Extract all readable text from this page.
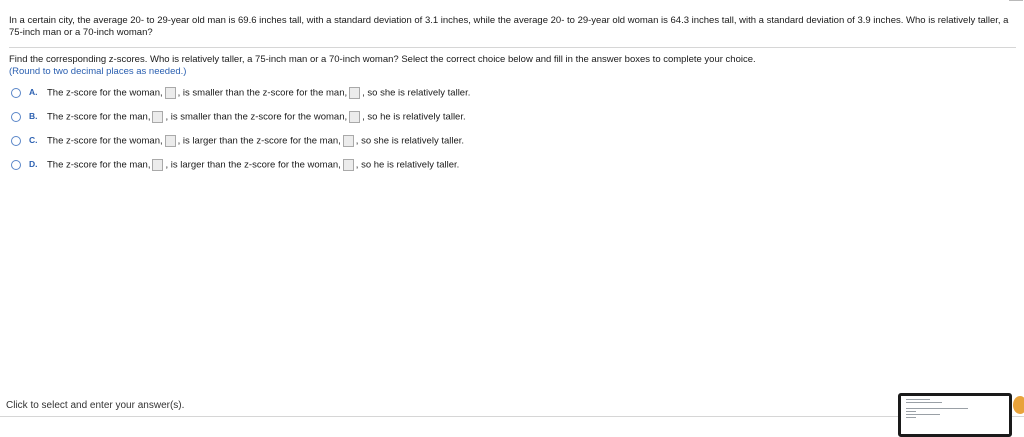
In a certain city, the average 20- to 29-year old man is 69.6 inches tall, with a standard deviation of 3.1 inches, while the average 20- to 29-year old woman is 64.3 inches tall, with a standard deviation of 3.9 inches. Who is relatively taller, a 75-inch man or a 70-inch woman?
Find the corresponding z-scores. Who is relatively taller, a 75-inch man or a 70-inch woman? Select the correct choice below and fill in the answer boxes to complete your choice.
(Round to two decimal places as needed.)
A.	The z-score for the woman, , is smaller than the z-score for the man, , so she is relatively taller.
B.	The z-score for the man, , is smaller than the z-score for the woman, , so he is relatively taller.
C.	The z-score for the woman, , is larger than the z-score for the man, , so she is relatively taller.
D.	The z-score for the man, , is larger than the z-score for the woman, , so he is relatively taller.
Click to select and enter your answer(s).
